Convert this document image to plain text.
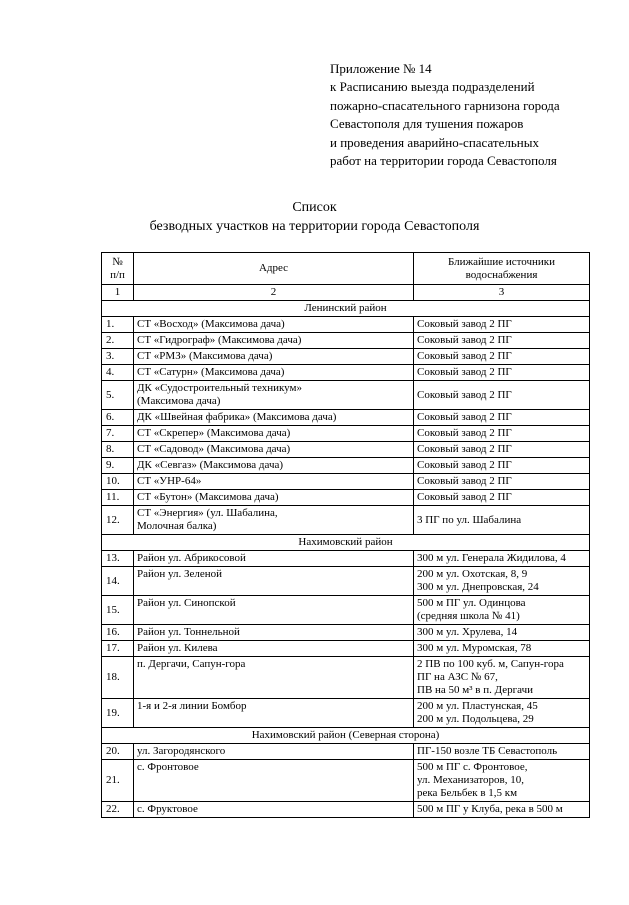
Приложение № 14
к Расписанию выезда подразделений
пожарно-спасательного гарнизона города
Севастополя для тушения пожаров
и проведения аварийно-спасательных
работ на территории города Севастополя
Список
безводных участков на территории города Севастополя
№
п/п	Адрес	Ближайшие источники
водоснабжения

1	2	3
Ленинский район		
1.	СТ «Восход» (Максимова дача)	Соковый завод 2 ПГ

2.	СТ «Гидрограф» (Максимова дача)	Соковый завод 2 ПГ

3.	СТ «РМЗ» (Максимова дача)	Соковый завод 2 ПГ

4.	СТ «Сатурн» (Максимова дача)	Соковый завод 2 ПГ

5.	ДК «Судостроительный техникум»
(Максимова дача)	Соковый завод 2 ПГ

6.	ДК «Швейная фабрика» (Максимова дача)	Соковый завод 2 ПГ

7.	СТ «Скрепер» (Максимова дача)	Соковый завод 2 ПГ

8.	СТ «Садовод» (Максимова дача)	Соковый завод 2 ПГ

9.	ДК «Севгаз» (Максимова дача)	Соковый завод 2 ПГ

10.	СТ «УНР-64»	Соковый завод 2 ПГ

11.	СТ «Бутон» (Максимова дача)	Соковый завод 2 ПГ

12.	СТ «Энергия» (ул. Шабалина,
Молочная балка)	3 ПГ по ул. Шабалина

Нахимовский район		
13.	Район ул. Абрикосовой	300 м ул. Генерала Жидилова, 4

14.	Район ул. Зеленой	200 м ул. Охотская, 8, 9
300 м ул. Днепровская, 24

15.	Район ул. Синопской	500 м ПГ ул. Одинцова
(средняя школа № 41)

16.	Район ул. Тоннельной	300 м ул. Хрулева, 14

17.	Район ул. Килева	300 м ул. Муромская, 78

18.	п. Дергачи, Сапун-гора	2 ПВ по 100 куб. м, Сапун-гора
ПГ на АЗС № 67,
ПВ на 50 м³ в п. Дергачи

19.	1-я и 2-я линии Бомбор	200 м ул. Пластунская, 45
200 м ул. Подольцева, 29

Нахимовский район (Северная сторона)		
20.	ул. Загородянского	ПГ-150 возле ТБ Севастополь

21.	с. Фронтовое	500 м ПГ с. Фронтовое,
ул. Механизаторов, 10,
река Бельбек в 1,5 км

22.	с. Фруктовое	500 м ПГ у Клуба, река в 500 м
